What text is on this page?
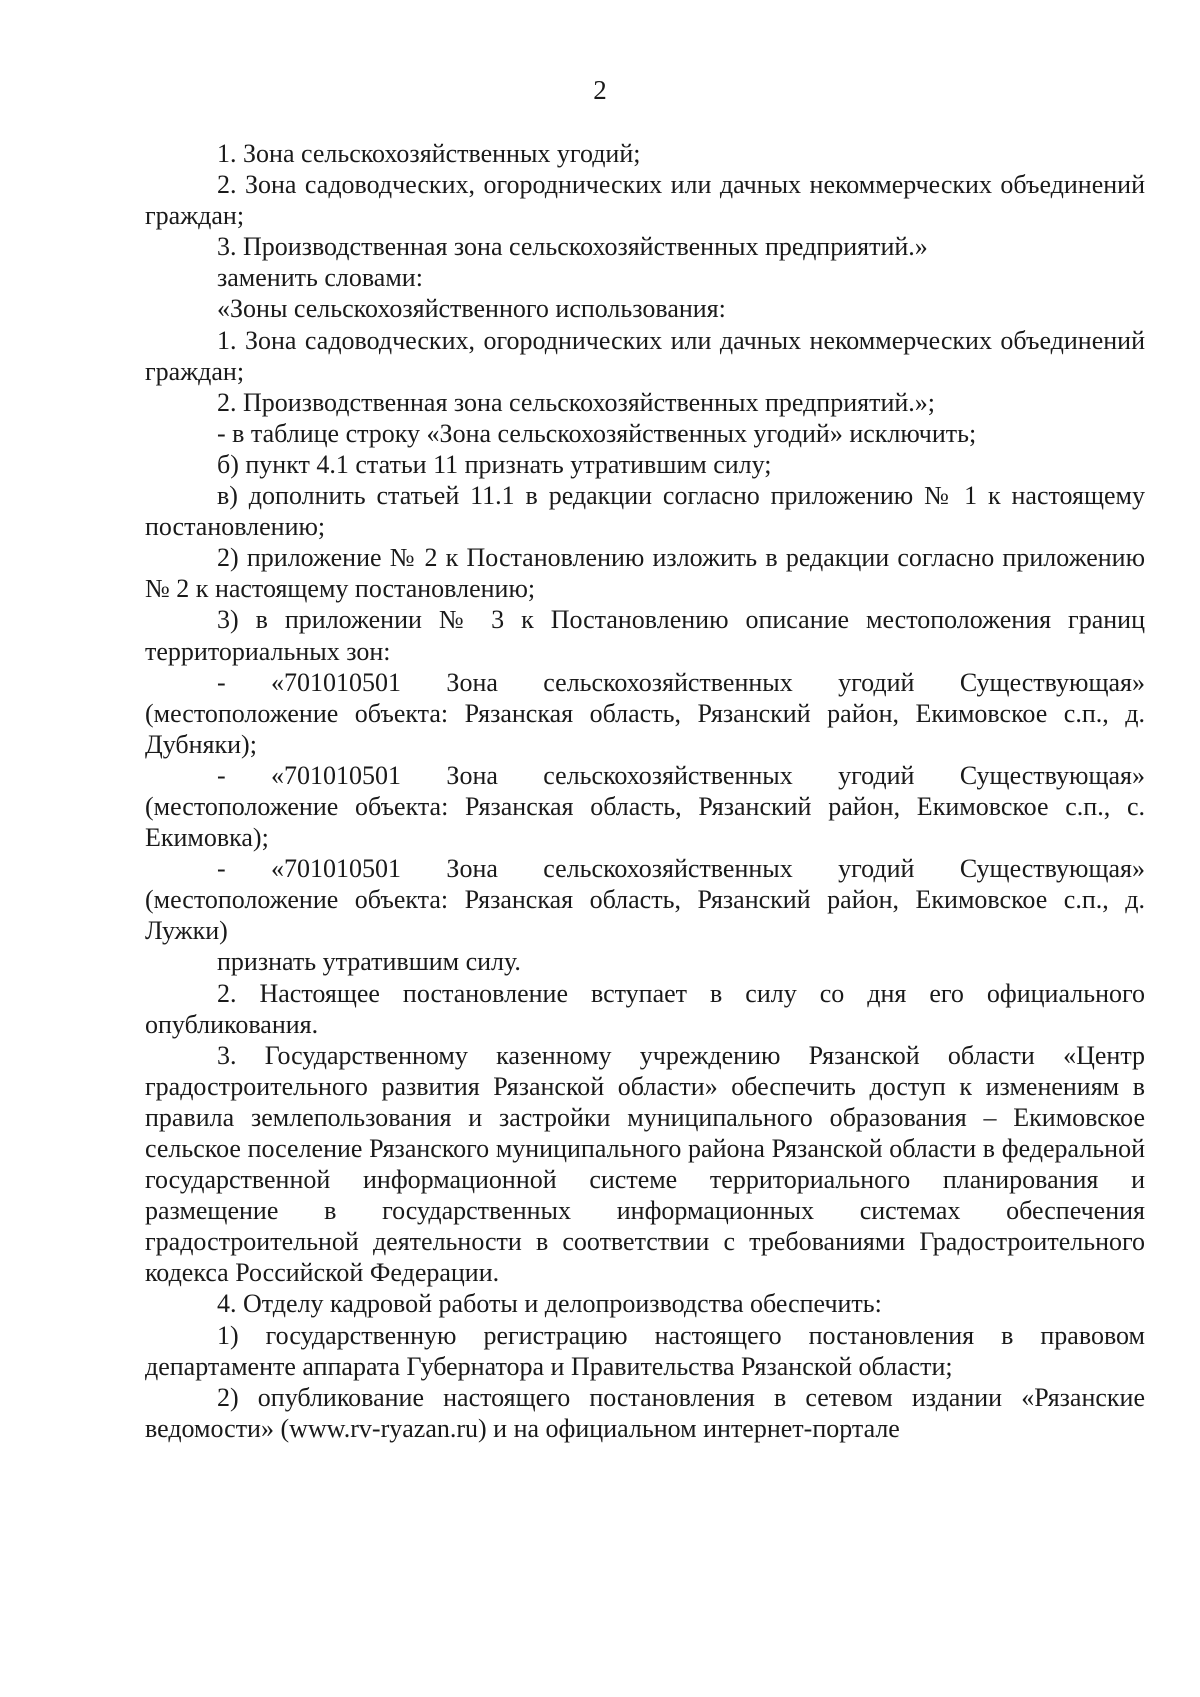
2

1. Зона сельскохозяйственных угодий;

2. Зона садоводческих, огороднических или дачных некоммерческих объединений граждан;

3. Производственная зона сельскохозяйственных предприятий.»

заменить словами:

«Зоны сельскохозяйственного использования:

1. Зона садоводческих, огороднических или дачных некоммерческих объединений граждан;

2. Производственная зона сельскохозяйственных предприятий.»;

- в таблице строку «Зона сельскохозяйственных угодий» исключить;

б) пункт 4.1 статьи 11 признать утратившим силу;

в) дополнить статьей 11.1 в редакции согласно приложению № 1 к настоящему постановлению;

2) приложение № 2 к Постановлению изложить в редакции согласно приложению № 2 к настоящему постановлению;

3) в приложении № 3 к Постановлению описание местоположения границ территориальных зон:

- «701010501 Зона сельскохозяйственных угодий Существующая» (местоположение объекта: Рязанская область, Рязанский район, Екимовское с.п., д. Дубняки);

- «701010501 Зона сельскохозяйственных угодий Существующая» (местоположение объекта: Рязанская область, Рязанский район, Екимовское с.п., с. Екимовка);

- «701010501 Зона сельскохозяйственных угодий Существующая» (местоположение объекта: Рязанская область, Рязанский район, Екимовское с.п., д. Лужки)

признать утратившим силу.

2. Настоящее постановление вступает в силу со дня его официального опубликования.

3. Государственному казенному учреждению Рязанской области «Центр градостроительного развития Рязанской области» обеспечить доступ к изменениям в правила землепользования и застройки муниципального образования – Екимовское сельское поселение Рязанского муниципального района Рязанской области в федеральной государственной информационной системе территориального планирования и размещение в государственных информационных системах обеспечения градостроительной деятельности в соответствии с требованиями Градостроительного кодекса Российской Федерации.

4. Отделу кадровой работы и делопроизводства обеспечить:

1) государственную регистрацию настоящего постановления в правовом департаменте аппарата Губернатора и Правительства Рязанской области;

2) опубликование настоящего постановления в сетевом издании «Рязанские ведомости» (www.rv-ryazan.ru) и на официальном интернет-портале
